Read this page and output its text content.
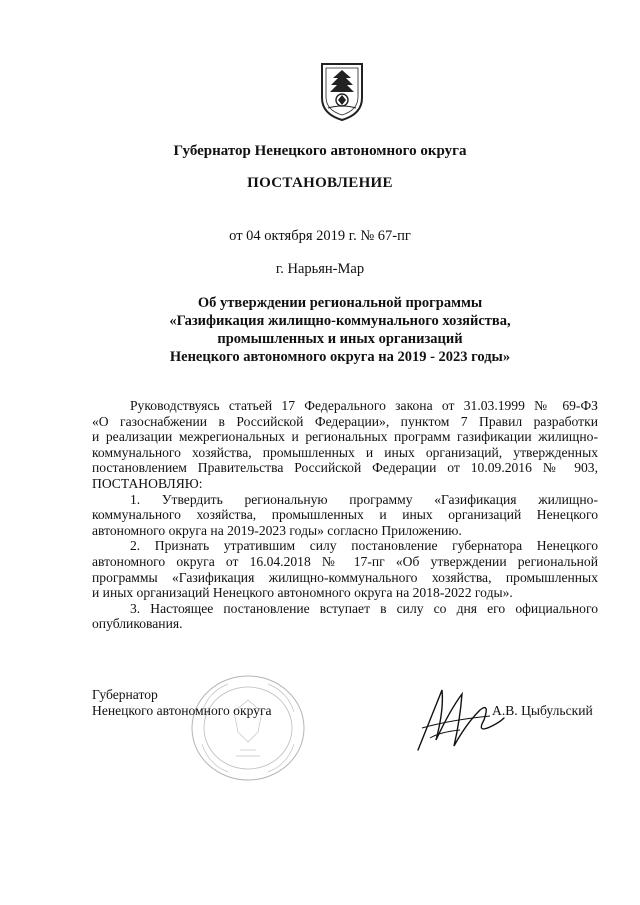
Губернатор Ненецкого автономного округа
ПОСТАНОВЛЕНИЕ
от 04 октября 2019 г. № 67-пг
г. Нарьян-Мар
Об утверждении региональной программы
«Газификация жилищно-коммунального хозяйства,
промышленных и иных организаций
Ненецкого автономного округа на 2019 - 2023 годы»
Руководствуясь статьей 17 Федерального закона от 31.03.1999 № 69-ФЗ
«О газоснабжении в Российской Федерации», пунктом 7 Правил разработки
и реализации межрегиональных и региональных программ газификации жилищно-
коммунального хозяйства, промышленных и иных организаций, утвержденных
постановлением Правительства Российской Федерации от 10.09.2016 № 903,
ПОСТАНОВЛЯЮ:
1. Утвердить региональную программу «Газификация жилищно-
коммунального хозяйства, промышленных и иных организаций Ненецкого
автономного округа на 2019-2023 годы» согласно Приложению.
2. Признать утратившим силу постановление губернатора Ненецкого
автономного округа от 16.04.2018 № 17-пг «Об утверждении региональной
программы «Газификация жилищно-коммунального хозяйства, промышленных
и иных организаций Ненецкого автономного округа на 2018-2022 годы».
3. Настоящее постановление вступает в силу со дня его официального
опубликования.
Губернатор
Ненецкого автономного округа	А.В. Цыбульский
